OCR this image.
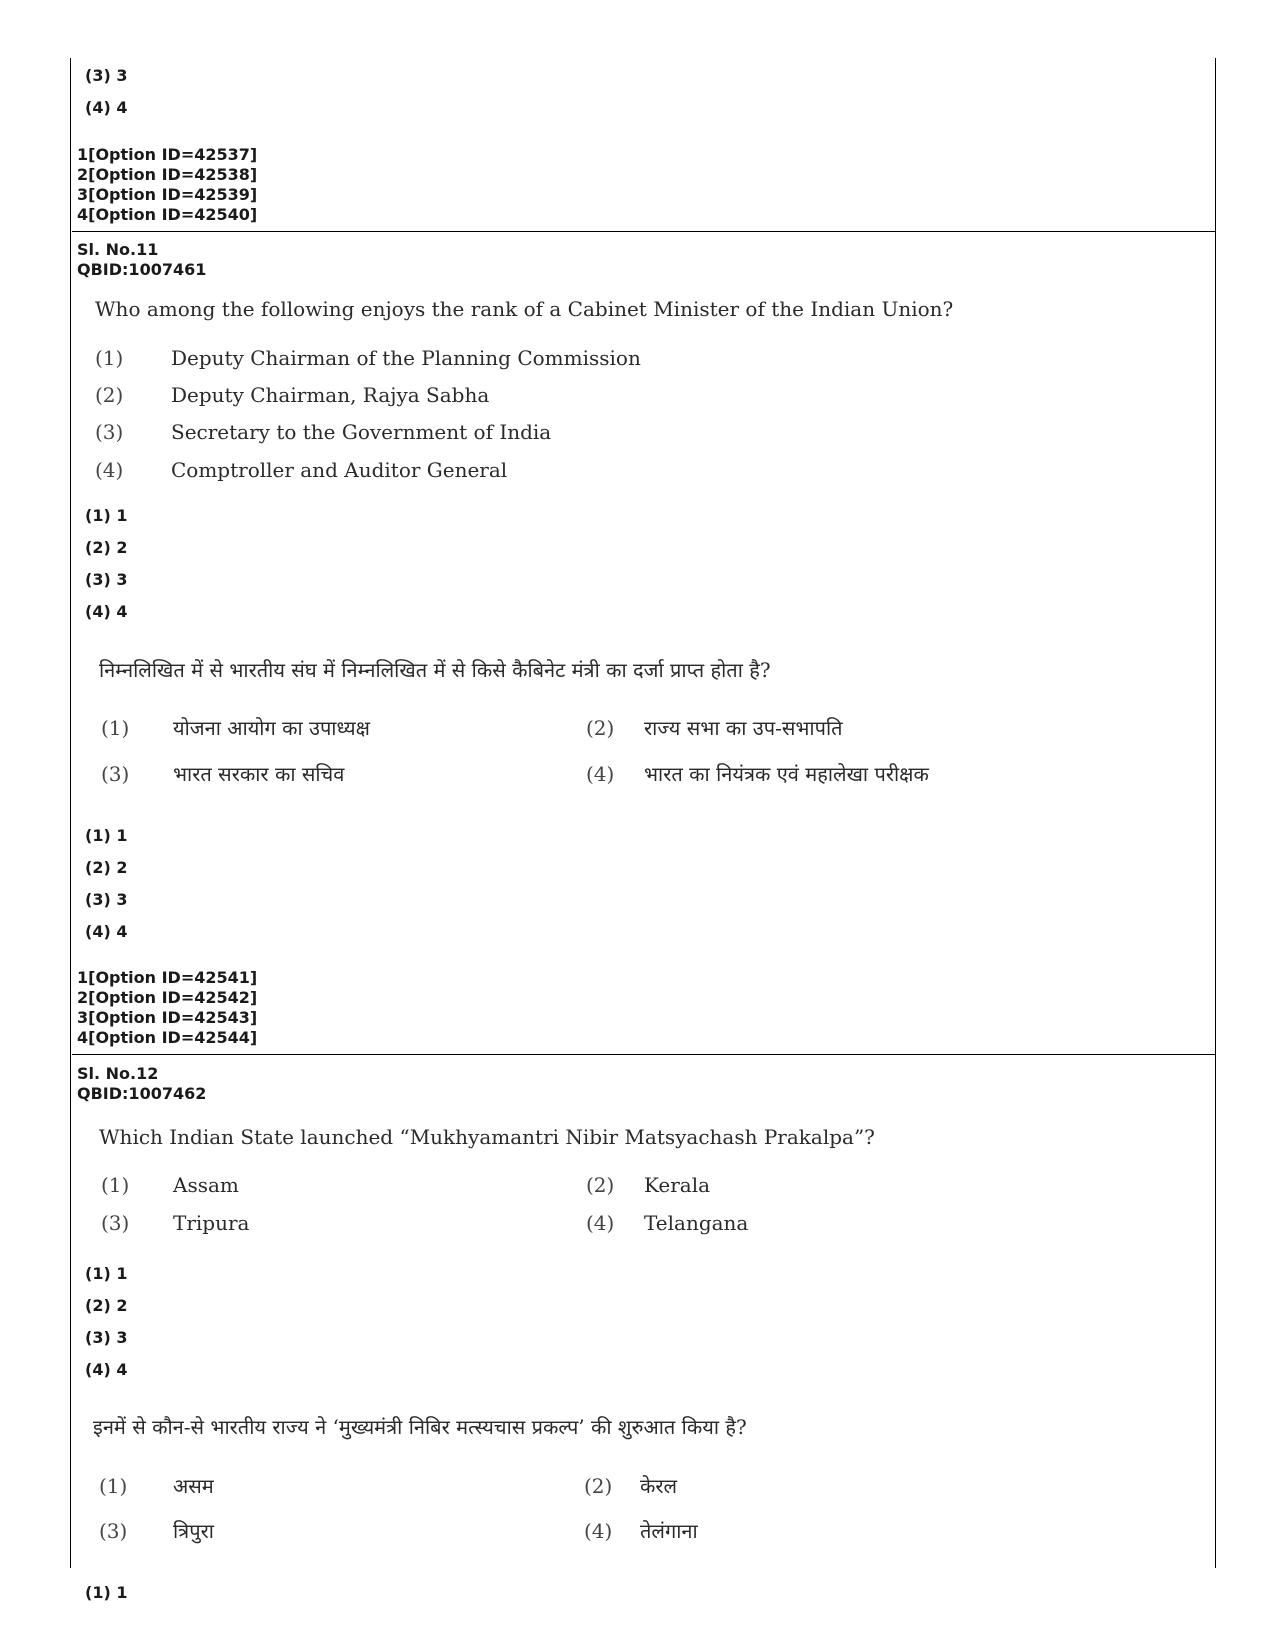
(3) 3
(4) 4
1[Option ID=42537]
2[Option ID=42538]
3[Option ID=42539]
4[Option ID=42540]
Sl. No.11
QBID:1007461
Who among the following enjoys the rank of a Cabinet Minister of the Indian Union?
(1) Deputy Chairman of the Planning Commission
(2) Deputy Chairman, Rajya Sabha
(3) Secretary to the Government of India
(4) Comptroller and Auditor General
(1) 1
(2) 2
(3) 3
(4) 4
निम्नलिखित में से भारतीय संघ में निम्नलिखित में से किसे कैबिनेट मंत्री का दर्जा प्राप्त होता है?
(1) योजना आयोग का उपाध्यक्ष	(2) राज्य सभा का उप-सभापति
(3) भारत सरकार का सचिव	(4) भारत का नियंत्रक एवं महालेखा परीक्षक
(1) 1
(2) 2
(3) 3
(4) 4
1[Option ID=42541]
2[Option ID=42542]
3[Option ID=42543]
4[Option ID=42544]
Sl. No.12
QBID:1007462
Which Indian State launched “Mukhyamantri Nibir Matsyachash Prakalpa”?
(1) Assam	(2) Kerala
(3) Tripura	(4) Telangana
(1) 1
(2) 2
(3) 3
(4) 4
इनमें से कौन-से भारतीय राज्य ने ‘मुख्यमंत्री निबिर मत्स्यचास प्रकल्प’ की शुरुआत किया है?
(1) असम	(2) केरल
(3) त्रिपुरा	(4) तेलंगाना
(1) 1
